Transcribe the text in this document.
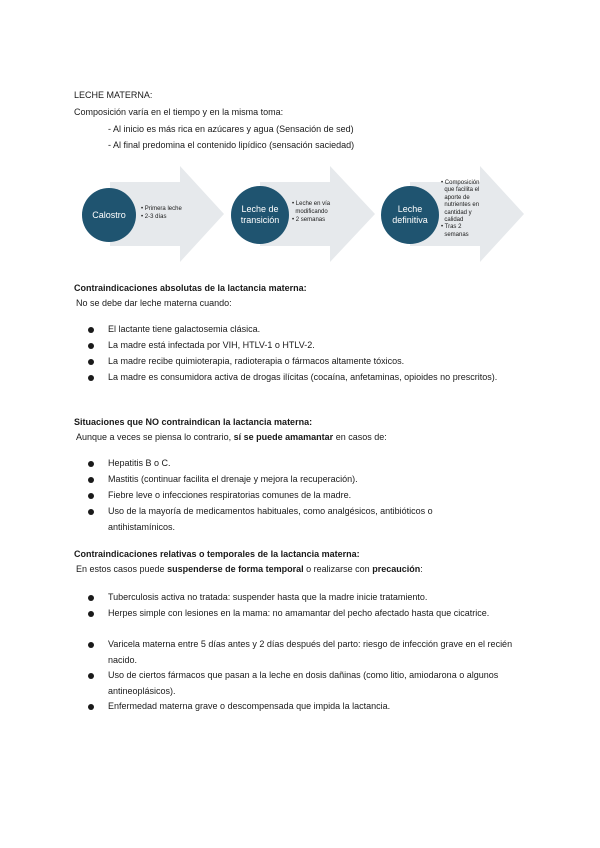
LECHE MATERNA:
Composición varía en el tiempo y en la misma toma:
- Al inicio es más rica en azúcares y agua (Sensación de sed)
- Al final predomina el contenido lipídico (sensación saciedad)
Calostro
• Primera leche
• 2-3 días
Leche de
transición
• Leche en vía
modificando
• 2 semanas
Leche
definitiva
• Composición
que facilita el
aporte de
nutrientes en
cantidad y
calidad
• Tras 2
semanas
Contraindicaciones absolutas de la lactancia materna:
No se debe dar leche materna cuando:
El lactante tiene galactosemia clásica.
La madre está infectada por VIH, HTLV-1 o HTLV-2.
La madre recibe quimioterapia, radioterapia o fármacos altamente tóxicos.
La madre es consumidora activa de drogas ilícitas (cocaína, anfetaminas, opioides no prescritos).
Situaciones que NO contraindican la lactancia materna:
Aunque a veces se piensa lo contrario, sí se puede amamantar en casos de:
Hepatitis B o C.
Mastitis (continuar facilita el drenaje y mejora la recuperación).
Fiebre leve o infecciones respiratorias comunes de la madre.
Uso de la mayoría de medicamentos habituales, como analgésicos, antibióticos o antihistamínicos.
Contraindicaciones relativas o temporales de la lactancia materna:
En estos casos puede suspenderse de forma temporal o realizarse con precaución:
Tuberculosis activa no tratada: suspender hasta que la madre inicie tratamiento.
Herpes simple con lesiones en la mama: no amamantar del pecho afectado hasta que cicatrice.
Varicela materna entre 5 días antes y 2 días después del parto: riesgo de infección grave en el recién nacido.
Uso de ciertos fármacos que pasan a la leche en dosis dañinas (como litio, amiodarona o algunos antineoplásicos).
Enfermedad materna grave o descompensada que impida la lactancia.
